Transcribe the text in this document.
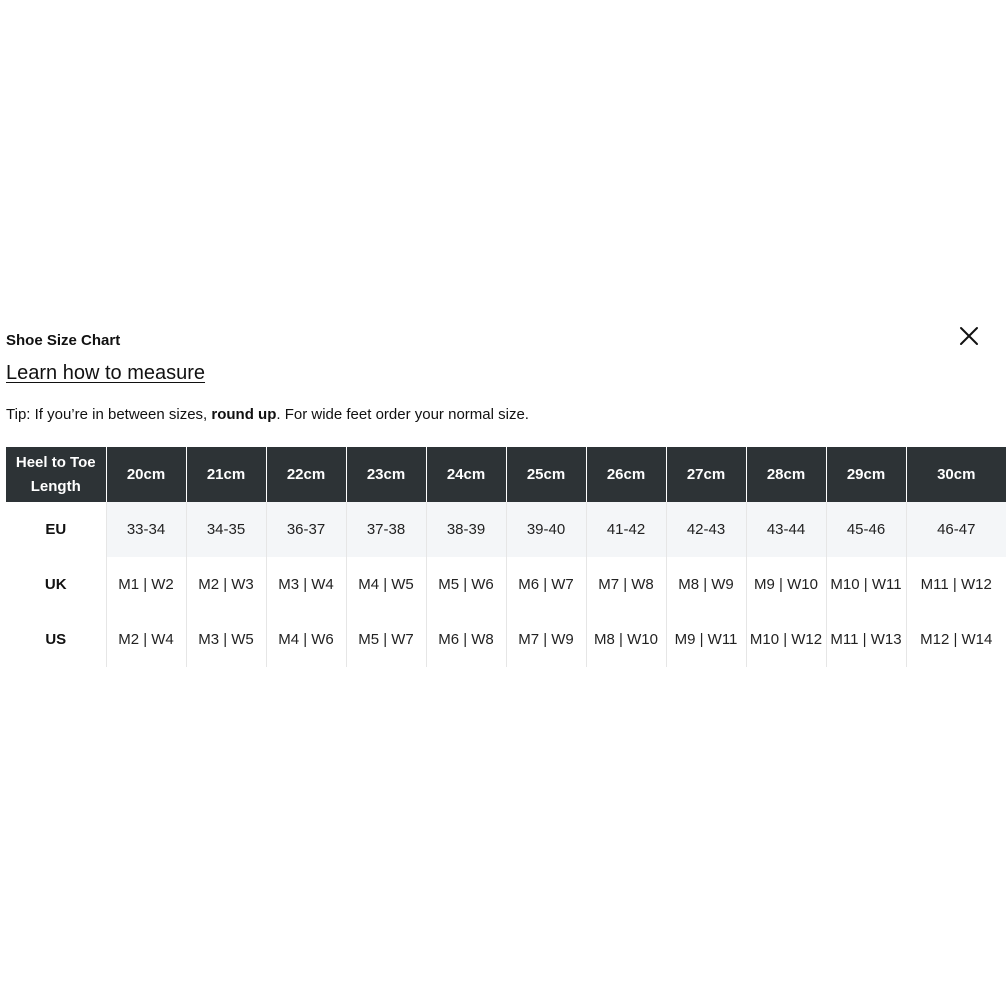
Shoe Size Chart
Learn how to measure
Tip: If you’re in between sizes, round up. For wide feet order your normal size.
Heel to Toe Length	20cm	21cm	22cm	23cm	24cm	25cm	26cm	27cm	28cm	29cm	30cm
EU	33-34	34-35	36-37	37-38	38-39	39-40	41-42	42-43	43-44	45-46	46-47
UK	M1 | W2	M2 | W3	M3 | W4	M4 | W5	M5 | W6	M6 | W7	M7 | W8	M8 | W9	M9 | W10	M10 | W11	M11 | W12
US	M2 | W4	M3 | W5	M4 | W6	M5 | W7	M6 | W8	M7 | W9	M8 | W10	M9 | W11	M10 | W12	M11 | W13	M12 | W14
